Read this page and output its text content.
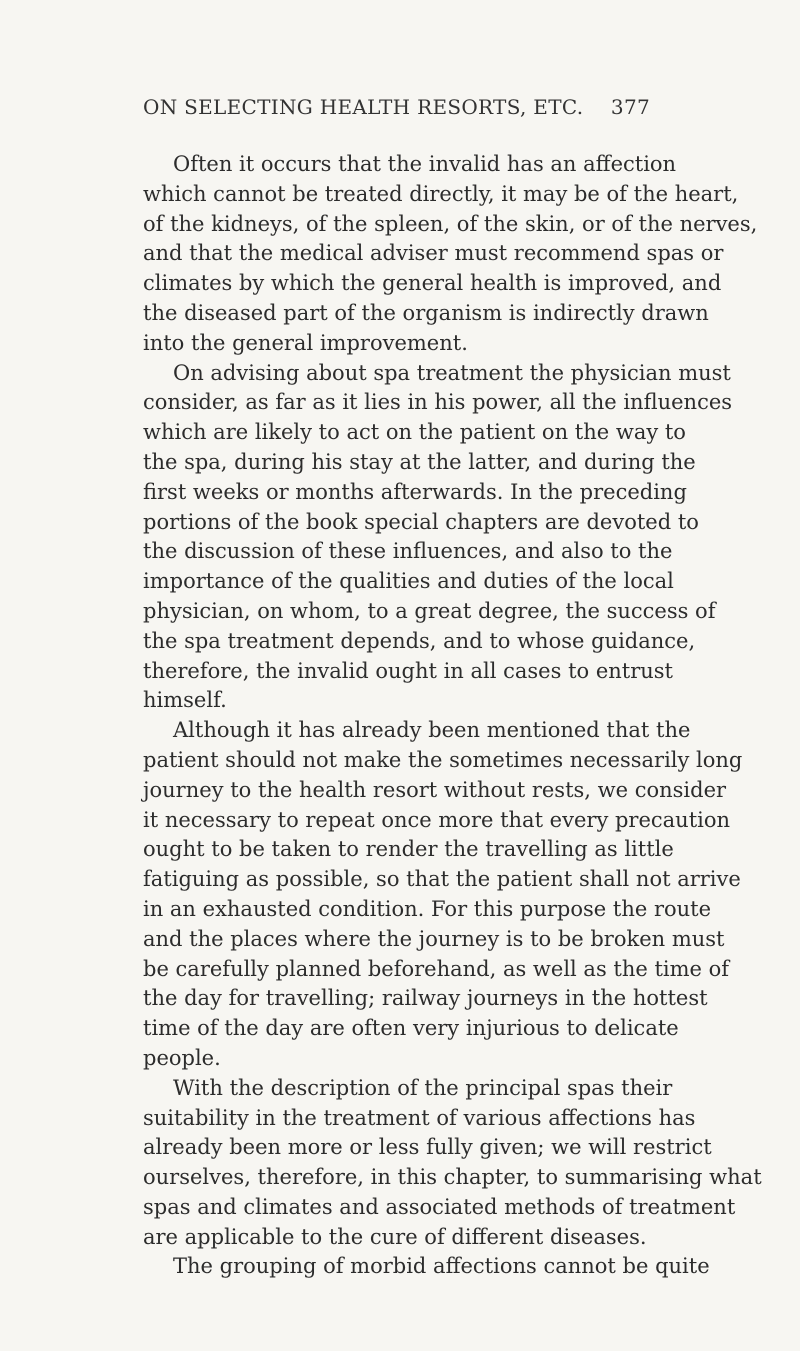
ON SELECTING HEALTH RESORTS, ETC. 377
Often it occurs that the invalid has an affection
which cannot be treated directly, it may be of the heart,
of the kidneys, of the spleen, of the skin, or of the nerves,
and that the medical adviser must recommend spas or
climates by which the general health is improved, and
the diseased part of the organism is indirectly drawn
into the general improvement.
On advising about spa treatment the physician must
consider, as far as it lies in his power, all the influences
which are likely to act on the patient on the way to
the spa, during his stay at the latter, and during the
first weeks or months afterwards. In the preceding
portions of the book special chapters are devoted to
the discussion of these influences, and also to the
importance of the qualities and duties of the local
physician, on whom, to a great degree, the success of
the spa treatment depends, and to whose guidance,
therefore, the invalid ought in all cases to entrust
himself.
Although it has already been mentioned that the
patient should not make the sometimes necessarily long
journey to the health resort without rests, we consider
it necessary to repeat once more that every precaution
ought to be taken to render the travelling as little
fatiguing as possible, so that the patient shall not arrive
in an exhausted condition. For this purpose the route
and the places where the journey is to be broken must
be carefully planned beforehand, as well as the time of
the day for travelling; railway journeys in the hottest
time of the day are often very injurious to delicate
people.
With the description of the principal spas their
suitability in the treatment of various affections has
already been more or less fully given; we will restrict
ourselves, therefore, in this chapter, to summarising what
spas and climates and associated methods of treatment
are applicable to the cure of different diseases.
The grouping of morbid affections cannot be quite
